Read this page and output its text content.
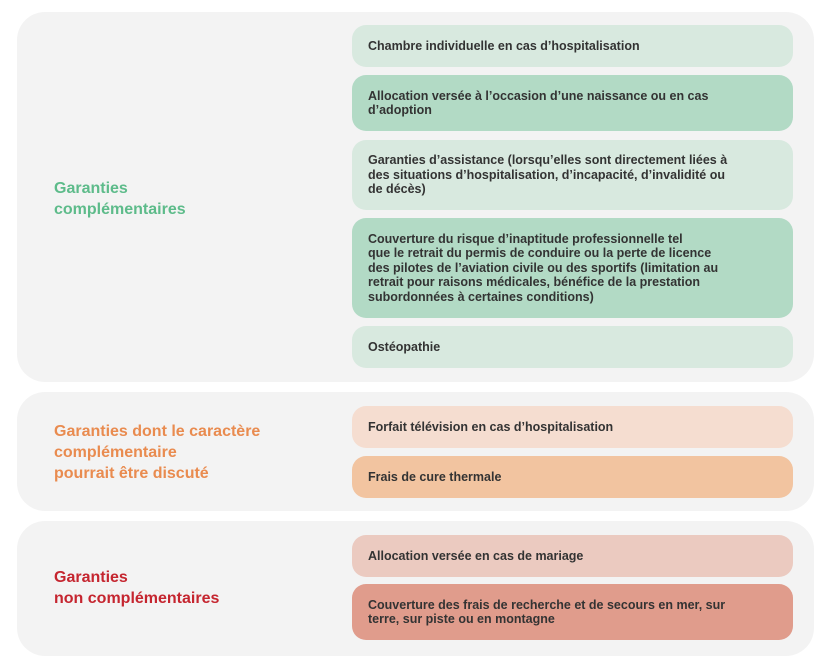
Garanties
complémentaires
Chambre individuelle en cas d’hospitalisation
Allocation versée à l’occasion d’une naissance ou en cas
d’adoption
Garanties d’assistance (lorsqu’elles sont directement liées à
des situations d’hospitalisation, d’incapacité, d’invalidité ou
de décès)
Couverture du risque d’inaptitude professionnelle tel
que le retrait du permis de conduire ou la perte de licence
des pilotes de l’aviation civile ou des sportifs (limitation au
retrait pour raisons médicales, bénéfice de la prestation
subordonnées à certaines conditions)
Ostéopathie
Garanties dont le caractère
complémentaire
pourrait être discuté
Forfait télévision en cas d’hospitalisation
Frais de cure thermale
Garanties
non complémentaires
Allocation versée en cas de mariage
Couverture des frais de recherche et de secours en mer, sur
terre, sur piste ou en montagne
